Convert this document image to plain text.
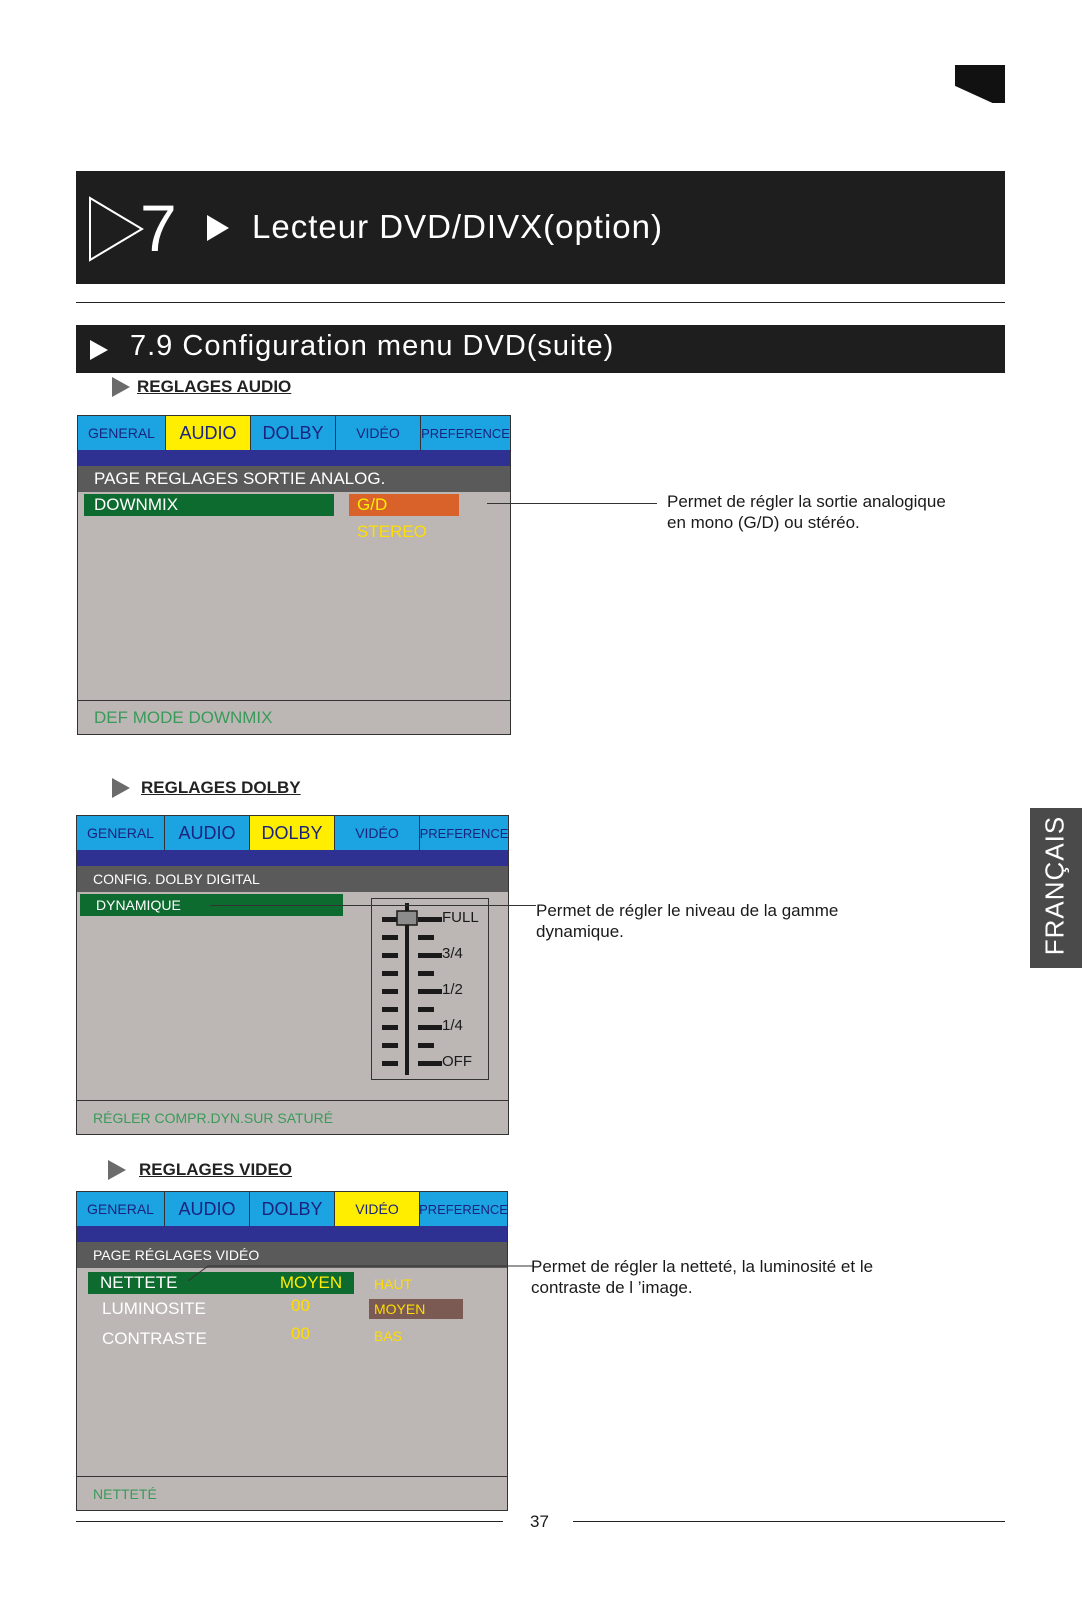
7 Lecteur DVD/DIVX(option)
7.9 Configuration menu DVD(suite)
REGLAGES AUDIO
GENERAL	AUDIO	DOLBY	VIDÉO	PREFERENCE
PAGE REGLAGES SORTIE ANALOG.
DOWNMIX	G/D
STEREO
DEF MODE DOWNMIX
Permet de régler la sortie analogique
en mono (G/D) ou stéréo.
REGLAGES DOLBY
GENERAL	AUDIO	DOLBY	VIDÉO	PREFERENCE
CONFIG. DOLBY DIGITAL
DYNAMIQUE
FULL
3/4
1/2
1/4
OFF
RÉGLER COMPR.DYN.SUR SATURÉ
Permet de régler le niveau de la gamme
dynamique.
REGLAGES VIDEO
GENERAL	AUDIO	DOLBY	VIDÉO	PREFERENCE
PAGE RÉGLAGES VIDÉO
NETTETE	MOYEN
LUMINOSITE	00
CONTRASTE	00
HAUT
MOYEN
BAS
NETTETÉ
Permet de régler la netteté, la luminosité et le
contraste de l ’image.
FRANÇAIS
37
